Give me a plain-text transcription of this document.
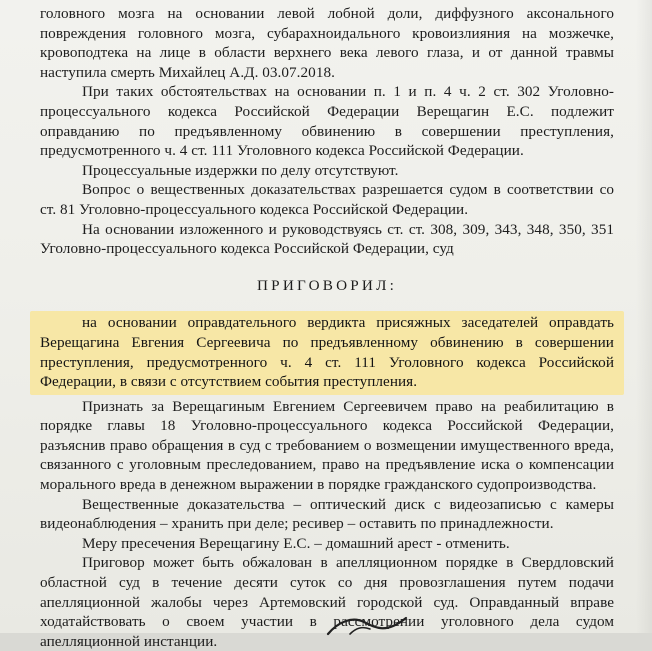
головного мозга на основании левой лобной доли, диффузного аксонального повреждения головного мозга, субарахноидального кровоизлияния на мозжечке, кровоподтека на лице в области верхнего века левого глаза, и от данной травмы наступила смерть Михайлец А.Д. 03.07.2018.

При таких обстоятельствах на основании п. 1 и п. 4 ч. 2 ст. 302 Уголовно-процессуального кодекса Российской Федерации Верещагин Е.С. подлежит оправданию по предъявленному обвинению в совершении преступления, предусмотренного ч. 4 ст. 111 Уголовного кодекса Российской Федерации.

Процессуальные издержки по делу отсутствуют.

Вопрос о вещественных доказательствах разрешается судом в соответствии со ст. 81 Уголовно-процессуального кодекса Российской Федерации.

На основании изложенного и руководствуясь ст. ст. 308, 309, 343, 348, 350, 351 Уголовно-процессуального кодекса Российской Федерации, суд

ПРИГОВОРИЛ:

на основании оправдательного вердикта присяжных заседателей оправдать Верещагина Евгения Сергеевича по предъявленному обвинению в совершении преступления, предусмотренного ч. 4 ст. 111 Уголовного кодекса Российской Федерации, в связи с отсутствием события преступления.

Признать за Верещагиным Евгением Сергеевичем право на реабилитацию в порядке главы 18 Уголовно-процессуального кодекса Российской Федерации, разъяснив право обращения в суд с требованием о возмещении имущественного вреда, связанного с уголовным преследованием, право на предъявление иска о компенсации морального вреда в денежном выражении в порядке гражданского судопроизводства.

Вещественные доказательства – оптический диск с видеозаписью с камеры видеонаблюдения – хранить при деле; ресивер – оставить по принадлежности.

Меру пресечения Верещагину Е.С. – домашний арест - отменить.

Приговор может быть обжалован в апелляционном порядке в Свердловский областной суд в течение десяти суток со дня провозглашения путем подачи апелляционной жалобы через Артемовский городской суд. Оправданный вправе ходатайствовать о своем участии в рассмотрении уголовного дела судом апелляционной инстанции.
